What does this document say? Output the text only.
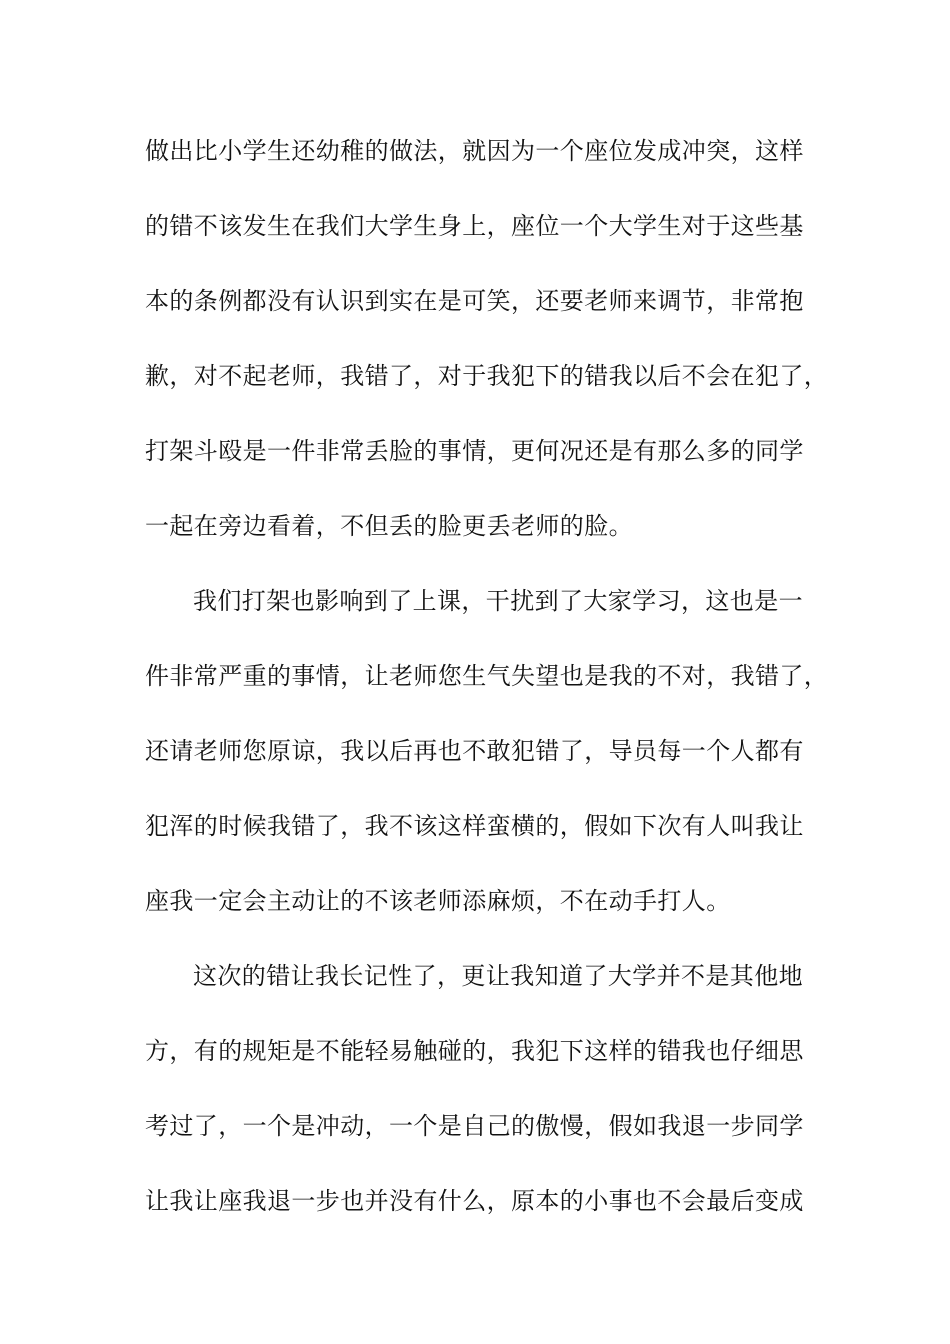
做出比小学生还幼稚的做法，就因为一个座位发成冲突，这样
的错不该发生在我们大学生身上，座位一个大学生对于这些基
本的条例都没有认识到实在是可笑，还要老师来调节，非常抱
歉，对不起老师，我错了，对于我犯下的错我以后不会在犯了，
打架斗殴是一件非常丢脸的事情，更何况还是有那么多的同学
一起在旁边看着，不但丢的脸更丢老师的脸。
我们打架也影响到了上课，干扰到了大家学习，这也是一
件非常严重的事情，让老师您生气失望也是我的不对，我错了，
还请老师您原谅，我以后再也不敢犯错了，导员每一个人都有
犯浑的时候我错了，我不该这样蛮横的，假如下次有人叫我让
座我一定会主动让的不该老师添麻烦，不在动手打人。
这次的错让我长记性了，更让我知道了大学并不是其他地
方，有的规矩是不能轻易触碰的，我犯下这样的错我也仔细思
考过了，一个是冲动，一个是自己的傲慢，假如我退一步同学
让我让座我退一步也并没有什么，原本的小事也不会最后变成
